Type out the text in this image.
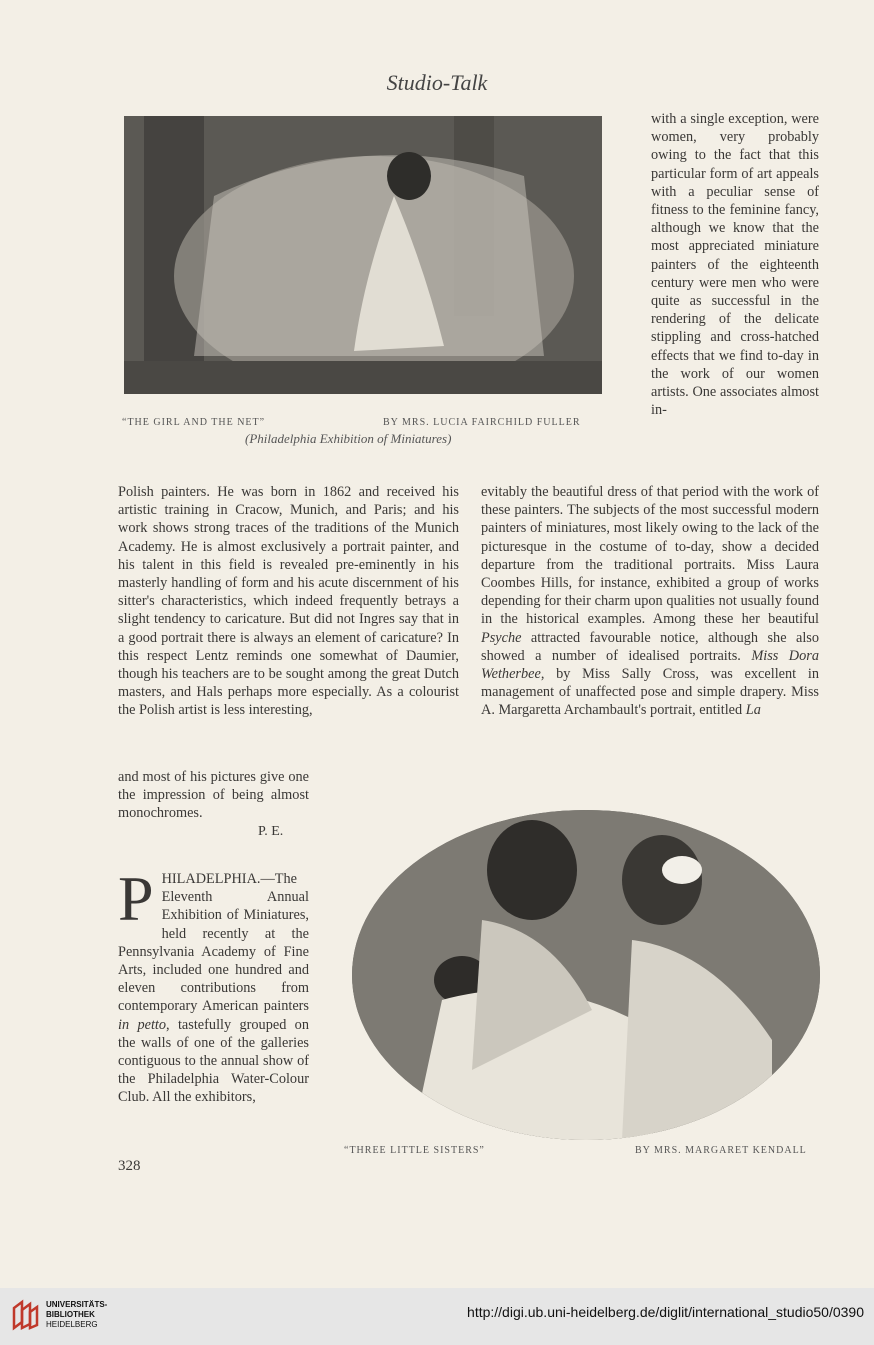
Studio-Talk
“THE GIRL AND THE NET”	BY MRS. LUCIA FAIRCHILD FULLER
(Philadelphia Exhibition of Miniatures)

with a single exception, were women, very probably owing to the fact that this particular form of art appeals with a peculiar sense of fitness to the feminine fancy, although we know that the most appreciated miniature painters of the eighteenth century were men who were quite as successful in the rendering of the delicate stippling and cross-hatched effects that we find to-day in the work of our women artists. One associates almost in-

Polish painters. He was born in 1862 and received his artistic training in Cracow, Munich, and Paris; and his work shows strong traces of the traditions of the Munich Academy. He is almost exclusively a portrait painter, and his talent in this field is revealed pre-eminently in his masterly handling of form and his acute discernment of his sitter's characteristics, which indeed frequently betrays a slight tendency to caricature. But did not Ingres say that in a good portrait there is always an element of caricature? In this respect Lentz reminds one somewhat of Daumier, though his teachers are to be sought among the great Dutch masters, and Hals perhaps more especially. As a colourist the Polish artist is less interesting,

and most of his pictures give one the impression of being almost monochromes.

P. E.

evitably the beautiful dress of that period with the work of these painters. The subjects of the most successful modern painters of miniatures, most likely owing to the lack of the picturesque in the costume of to-day, show a decided departure from the traditional portraits. Miss Laura Coombes Hills, for instance, exhibited a group of works depending for their charm upon qualities not usually found in the historical examples. Among these her beautiful Psyche attracted favourable notice, although she also showed a number of idealised portraits. Miss Dora Wetherbee, by Miss Sally Cross, was excellent in management of unaffected pose and simple drapery. Miss A. Margaretta Archambault's portrait, entitled La

PHILADELPHIA.—The Eleventh Annual Exhibition of Miniatures, held recently at the Pennsylvania Academy of Fine Arts, included one hundred and eleven contributions from contemporary American painters in petto, tastefully grouped on the walls of one of the galleries contiguous to the annual show of the Philadelphia Water-Colour Club. All the exhibitors,

“THREE LITTLE SISTERS”	BY MRS. MARGARET KENDALL
328
UNIVERSITÄTS-
BIBLIOTHEK
HEIDELBERG
http://digi.ub.uni-heidelberg.de/diglit/international_studio50/0390
